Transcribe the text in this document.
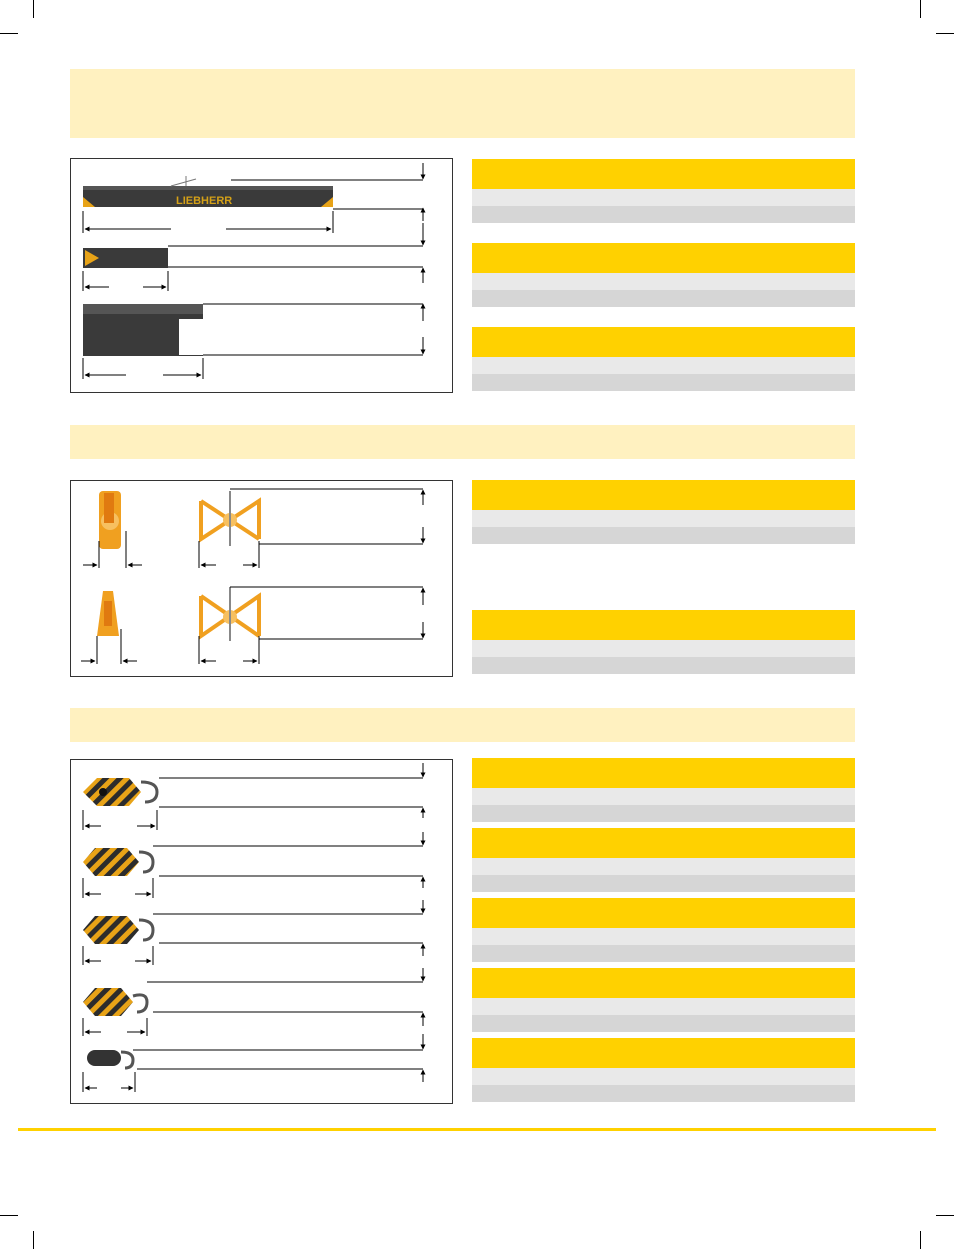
LIEBHERR
